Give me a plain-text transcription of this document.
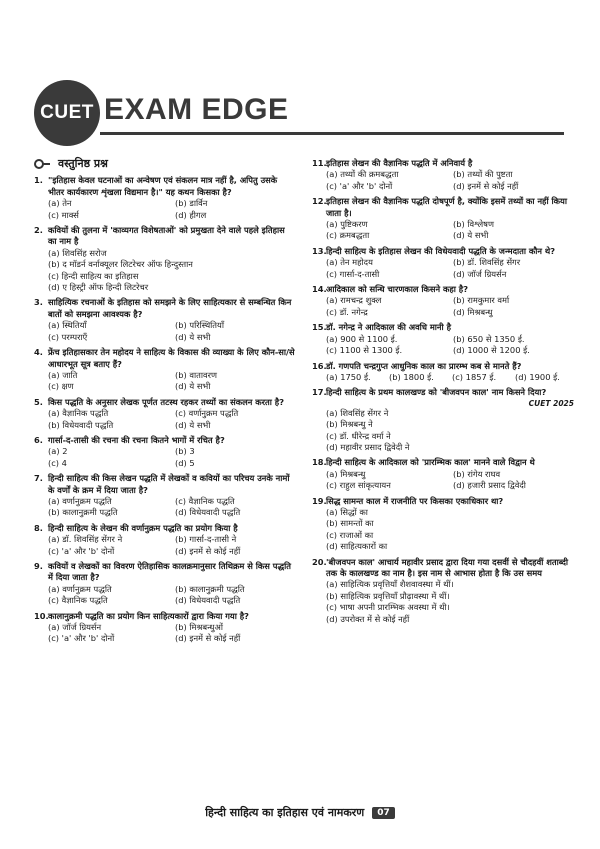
CUET EXAM EDGE
वस्तुनिष्ठ प्रश्न
1. "इतिहास केवल घटनाओं का अन्वेषण एवं संकलन मात्र नहीं है, अपितु उसके भीतर कार्यकारण शृंखला विद्यमान है।" यह कथन किसका है?
(a) तेन	(b) डार्विन
(c) मार्क्स	(d) हीगल
2. कवियों की तुलना में 'काव्यगत विशेषताओं' को प्रमुखता देने वाले पहले इतिहास का नाम है
(a) शिवसिंह सरोज
(b) द मॉडर्न वर्नाक्यूलर लिटरेचर ऑफ हिन्दुस्तान
(c) हिन्दी साहित्य का इतिहास
(d) ए हिस्ट्री ऑफ हिन्दी लिटरेचर
3. साहित्यिक रचनाओं के इतिहास को समझने के लिए साहित्यकार से सम्बन्धित किन बातों को समझना आवश्यक है?
(a) स्थितियाँ	(b) परिस्थितियाँ
(c) परम्पराएँ	(d) ये सभी
4. फ्रेंच इतिहासकार तेन महोदय ने साहित्य के विकास की व्याख्या के लिए कौन-सा/से आधारभूत सूत्र बताए हैं?
(a) जाति	(b) वातावरण
(c) क्षण	(d) ये सभी
5. किस पद्धति के अनुसार लेखक पूर्णत तटस्थ रहकर तथ्यों का संकलन करता है?
(a) वैज्ञानिक पद्धति	(c) वर्णानुक्रम पद्धति
(b) विधेयवादी पद्धति	(d) ये सभी
6. गार्सा-द-तासी की रचना की रचना कितने भागों में रचित है?
(a) 2	(b) 3
(c) 4	(d) 5
7. हिन्दी साहित्य की किस लेखन पद्धति में लेखकों व कवियों का परिचय उनके नामों के वर्णों के क्रम में दिया जाता है?
(a) वर्णानुक्रम पद्धति	(c) वैज्ञानिक पद्धति
(b) कालानुक्रमी पद्धति	(d) विधेयवादी पद्धति
8. हिन्दी साहित्य के लेखन की वर्णानुक्रम पद्धति का प्रयोग किया है
(a) डॉ. शिवसिंह सेंगर ने	(b) गार्सा-द-तासी ने
(c) 'a' और 'b' दोनों	(d) इनमें से कोई नहीं
9. कवियों व लेखकों का विवरण ऐतिहासिक कालक्रमानुसार तिथिक्रम से किस पद्धति में दिया जाता है?
(a) वर्णानुक्रम पद्धति	(b) कालानुक्रमी पद्धति
(c) वैज्ञानिक पद्धति	(d) विधेयवादी पद्धति
10. कालानुक्रमी पद्धति का प्रयोग किन साहित्यकारों द्वारा किया गया है?
(a) जॉर्ज ग्रियर्सन	(b) मिश्रबन्धुओं
(c) 'a' और 'b' दोनों	(d) इनमें से कोई नहीं
11. इतिहास लेखन की वैज्ञानिक पद्धति में अनिवार्य है
(a) तथ्यों की क्रमबद्धता	(b) तथ्यों की पुष्टता
(c) 'a' और 'b' दोनों	(d) इनमें से कोई नहीं
12. इतिहास लेखन की वैज्ञानिक पद्धति दोषपूर्ण है, क्योंकि इसमें तथ्यों का नहीं किया जाता है।
(a) पुष्टिकरण	(b) विश्लेषण
(c) क्रमबद्धता	(d) ये सभी
13. हिन्दी साहित्य के इतिहास लेखन की विधेयवादी पद्धति के जन्मदाता कौन थे?
(a) तेन महोदय	(b) डॉ. शिवसिंह सेंगर
(c) गार्सा-द-तासी	(d) जॉर्ज ग्रियर्सन
14. आदिकाल को सन्धि चारणकाल किसने कहा है?
(a) रामचन्द्र शुक्ल	(b) रामकुमार वर्मा
(c) डॉ. नगेन्द्र	(d) मिश्रबन्धु
15. डॉ. नगेन्द्र ने आदिकाल की अवधि मानी है
(a) 900 से 1100 ई.	(b) 650 से 1350 ई.
(c) 1100 से 1300 ई.	(d) 1000 से 1200 ई.
16. डॉ. गणपति चन्द्रगुप्त आधुनिक काल का प्रारम्भ कब से मानते हैं?
(a) 1750 ई.	(b) 1800 ई.	(c) 1857 ई.	(d) 1900 ई.
17. हिन्दी साहित्य के प्रथम कालखण्ड को 'बीजवपन काल' नाम किसने दिया?
CUET 2025
(a) शिवसिंह सेंगर ने
(b) मिश्रबन्धु ने
(c) डॉ. धीरेन्द्र वर्मा ने
(d) महावीर प्रसाद द्विवेदी ने
18. हिन्दी साहित्य के आदिकाल को 'प्रारम्भिक काल' मानने वाले विद्वान थे
(a) मिश्रबन्धु	(b) रांगेय राघव
(c) राहुल सांकृत्यायन	(d) हजारी प्रसाद द्विवेदी
19. सिद्ध सामन्त काल में राजनीति पर किसका एकाधिकार था?
(a) सिद्धों का
(b) सामन्तों का
(c) राजाओं का
(d) साहित्यकारों का
20. 'बीजवपन काल' आचार्य महावीर प्रसाद द्वारा दिया गया दसवीं से चौदहवीं शताब्दी तक के कालखण्ड का नाम है। इस नाम से आभास होता है कि उस समय
(a) साहित्यिक प्रवृत्तियाँ शैशवावस्था में थीं।
(b) साहित्यिक प्रवृत्तियाँ प्रौढ़ावस्था में थीं।
(c) भाषा अपनी प्रारम्भिक अवस्था में थी।
(d) उपरोक्त में से कोई नहीं
हिन्दी साहित्य का इतिहास एवं नामकरण	07
